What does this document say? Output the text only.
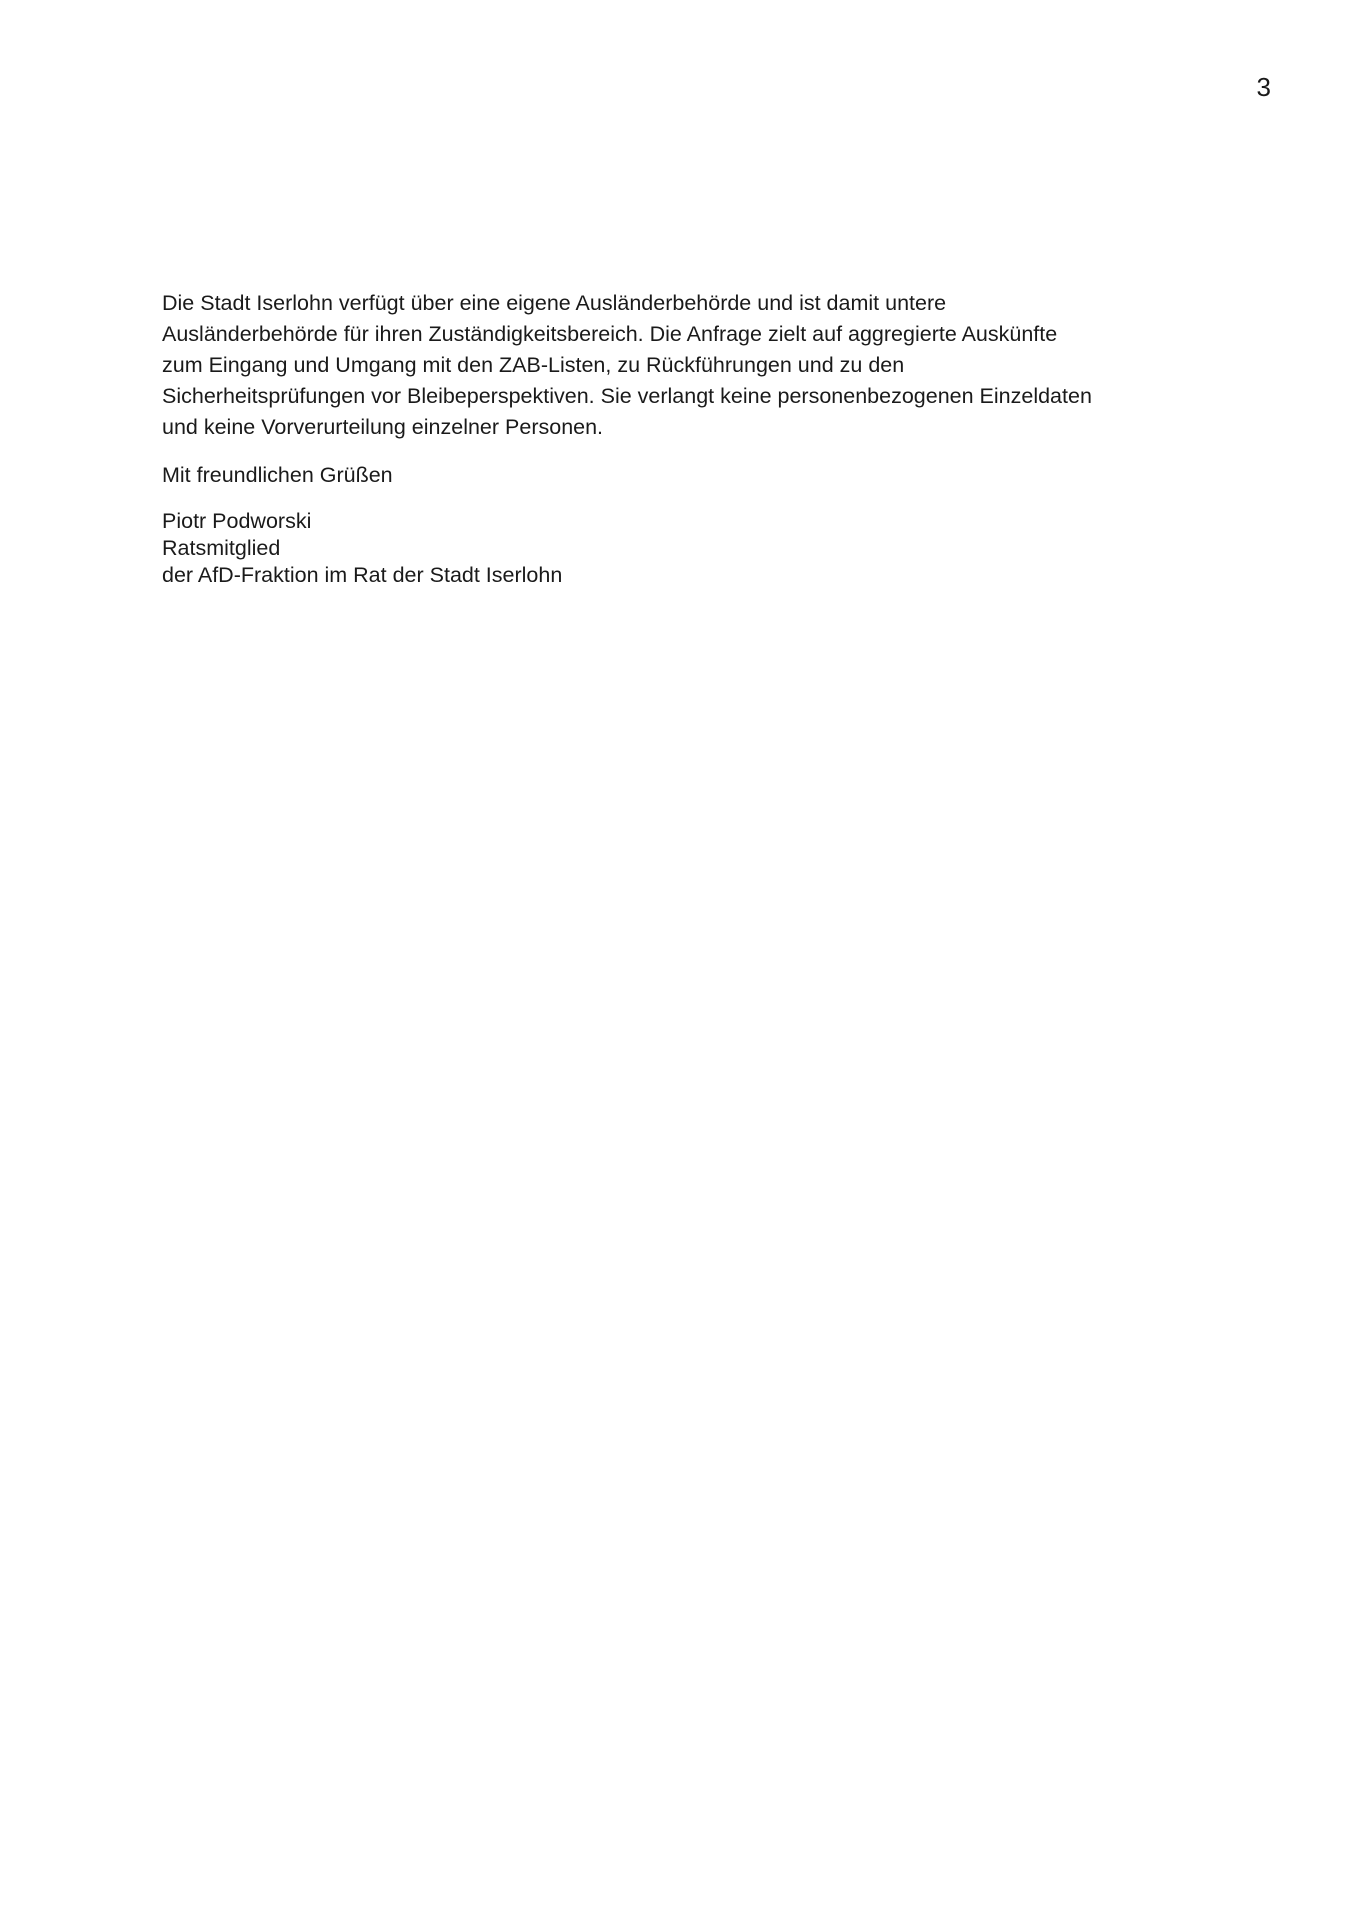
3

Die Stadt Iserlohn verfügt über eine eigene Ausländerbehörde und ist damit untere
Ausländerbehörde für ihren Zuständigkeitsbereich. Die Anfrage zielt auf aggregierte Auskünfte
zum Eingang und Umgang mit den ZAB-Listen, zu Rückführungen und zu den
Sicherheitsprüfungen vor Bleibeperspektiven. Sie verlangt keine personenbezogenen Einzeldaten
und keine Vorverurteilung einzelner Personen.

Mit freundlichen Grüßen

Piotr Podworski
Ratsmitglied
der AfD-Fraktion im Rat der Stadt Iserlohn
